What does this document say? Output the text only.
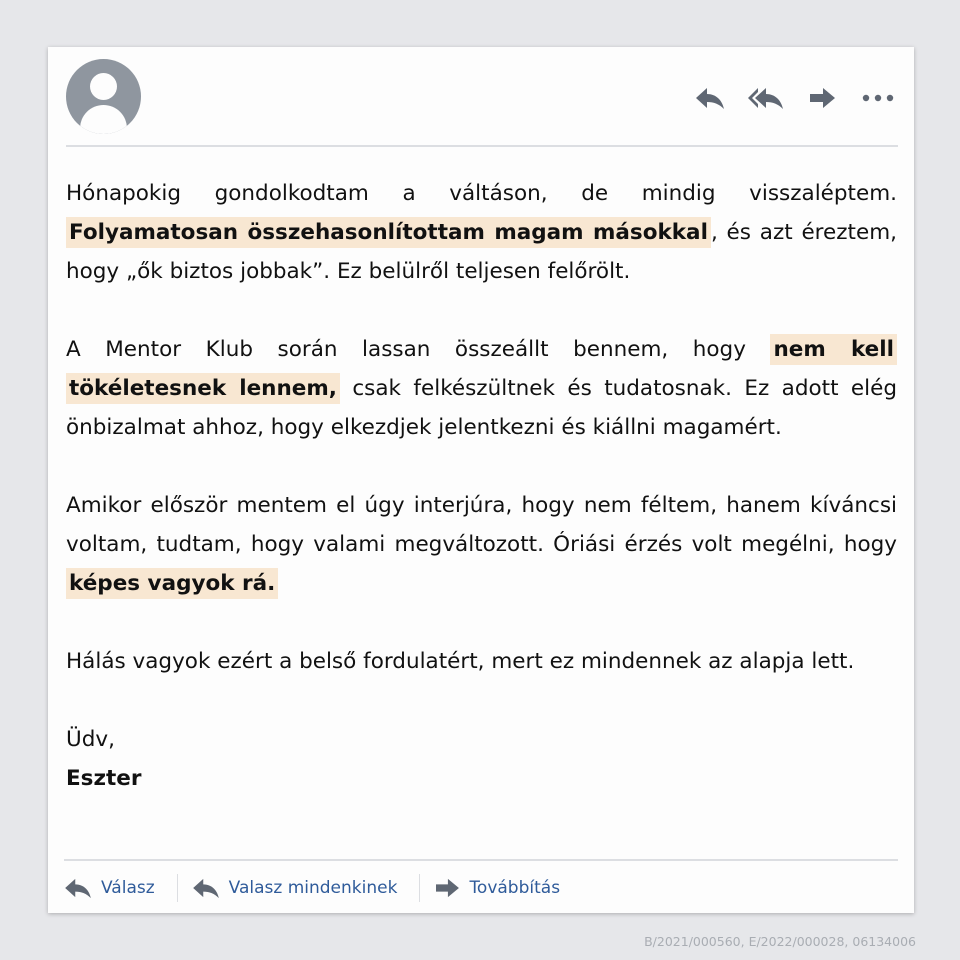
Hónapokig gondolkodtam a váltáson, de mindig visszaléptem. Folyamatosan összehasonlítottam magam másokkal , és azt éreztem, hogy „ők biztos jobbak”. Ez belülről teljesen felőrölt.

A Mentor Klub során lassan összeállt bennem, hogy nem kell tökéletesnek lennem, csak felkészültnek és tudatosnak. Ez adott elég önbizalmat ahhoz, hogy elkezdjek jelentkezni és kiállni magamért.

Amikor először mentem el úgy interjúra, hogy nem féltem, hanem kíváncsi voltam, tudtam, hogy valami megváltozott. Óriási érzés volt megélni, hogy képes vagyok rá.

Hálás vagyok ezért a belső fordulatért, mert ez mindennek az alapja lett.

Üdv,

Eszter

Válasz	Valasz mindenkinek	Továbbítás
B/2021/000560, E/2022/000028, 06134006
